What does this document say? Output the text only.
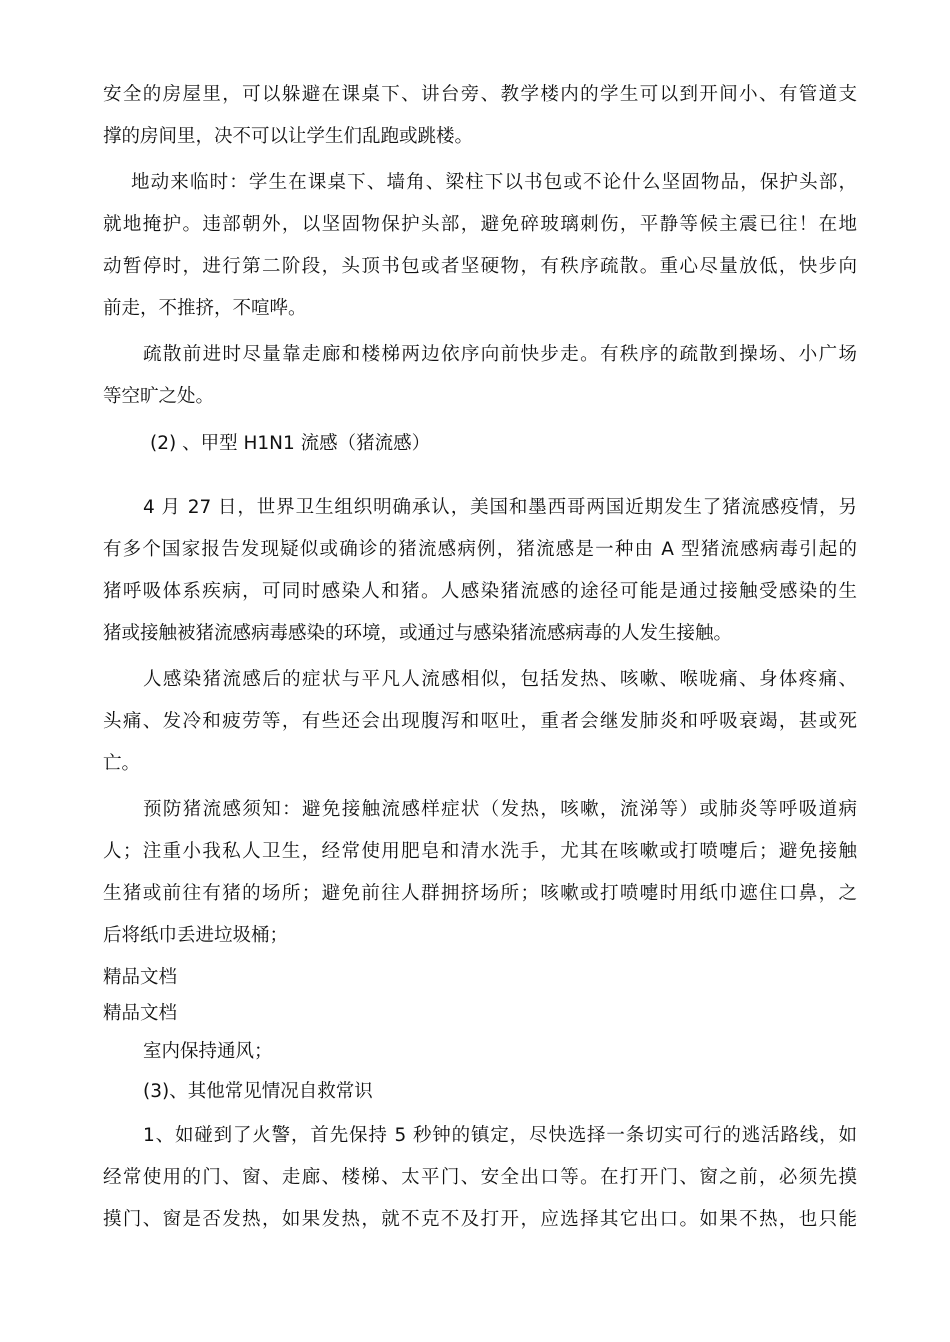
安全的房屋里，可以躲避在课桌下、讲台旁、教学楼内的学生可以到开间小、有管道支
撑的房间里，决不可以让学生们乱跑或跳楼。
地动来临时：学生在课桌下、墙角、梁柱下以书包或不论什么坚固物品，保护头部，
就地掩护。违部朝外，以坚固物保护头部，避免碎玻璃刺伤，平静等候主震已往！在地
动暂停时，进行第二阶段，头顶书包或者坚硬物，有秩序疏散。重心尽量放低，快步向
前走，不推挤，不喧哗。
疏散前进时尽量靠走廊和楼梯两边依序向前快步走。有秩序的疏散到操场、小广场
等空旷之处。
(2) 、甲型 H1N1 流感（猪流感）
4 月 27 日，世界卫生组织明确承认，美国和墨西哥两国近期发生了猪流感疫情，另
有多个国家报告发现疑似或确诊的猪流感病例，猪流感是一种由 A 型猪流感病毒引起的
猪呼吸体系疾病，可同时感染人和猪。人感染猪流感的途径可能是通过接触受感染的生
猪或接触被猪流感病毒感染的环境，或通过与感染猪流感病毒的人发生接触。
人感染猪流感后的症状与平凡人流感相似，包括发热、咳嗽、喉咙痛、身体疼痛、
头痛、发冷和疲劳等，有些还会出现腹泻和呕吐，重者会继发肺炎和呼吸衰竭，甚或死
亡。
预防猪流感须知：避免接触流感样症状（发热，咳嗽，流涕等）或肺炎等呼吸道病
人；注重小我私人卫生，经常使用肥皂和清水洗手，尤其在咳嗽或打喷嚏后；避免接触
生猪或前往有猪的场所；避免前往人群拥挤场所；咳嗽或打喷嚏时用纸巾遮住口鼻，之
后将纸巾丢进垃圾桶；
精品文档
精品文档
室内保持通风；
(3)、其他常见情况自救常识
1、如碰到了火警，首先保持 5 秒钟的镇定，尽快选择一条切实可行的逃活路线，如
经常使用的门、窗、走廊、楼梯、太平门、安全出口等。在打开门、窗之前，必须先摸
摸门、窗是否发热，如果发热，就不克不及打开，应选择其它出口。如果不热，也只能
